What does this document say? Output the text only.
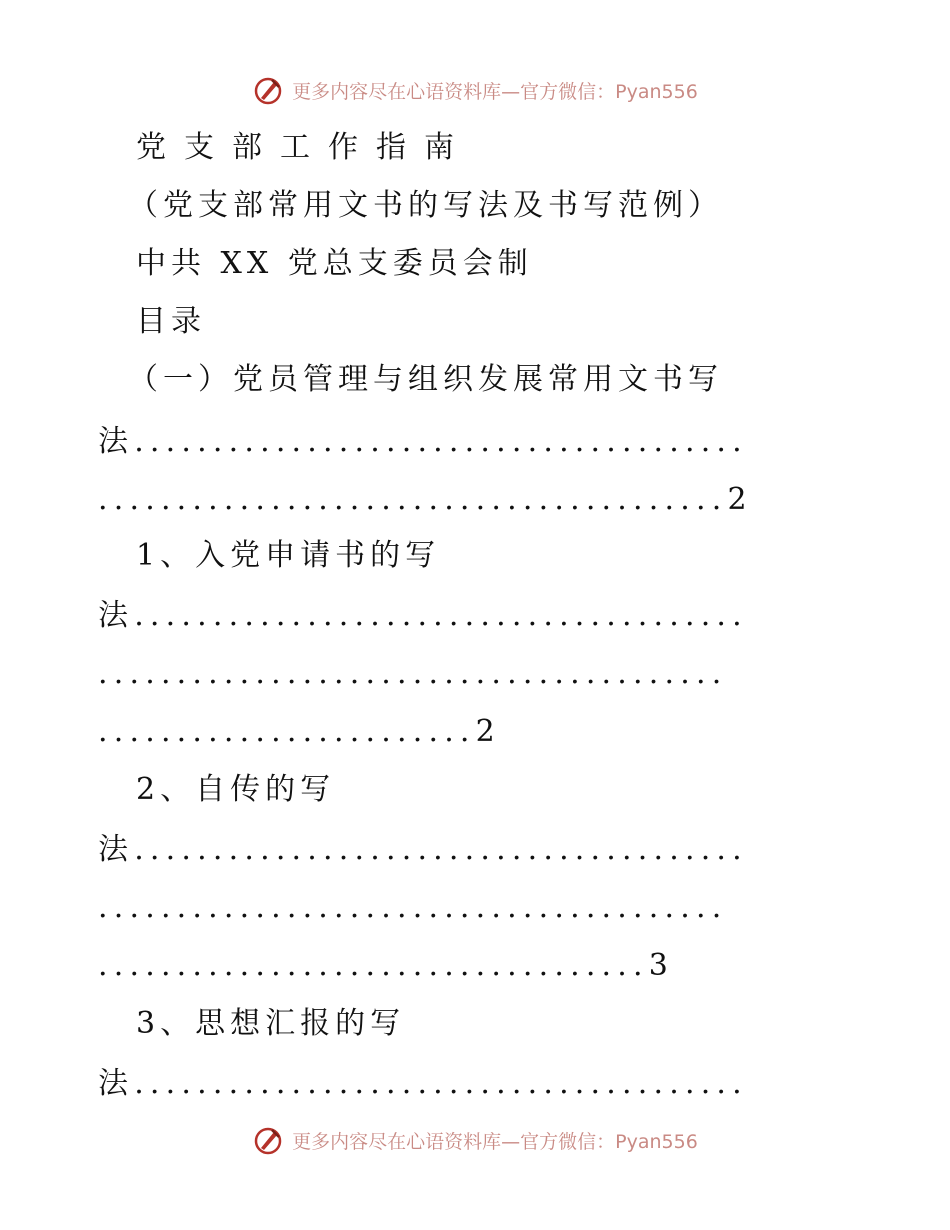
更多内容尽在心语资料库—官方微信：Pyan556
党支部工作指南
（党支部常用文书的写法及书写范例）
中共 XX 党总支委员会制
目录
（一）党员管理与组织发展常用文书写
法.......................................
........................................2
1、入党申请书的写
法.......................................
........................................
........................2
2、自传的写
法.......................................
........................................
...................................3
3、思想汇报的写
法.......................................
更多内容尽在心语资料库—官方微信：Pyan556
